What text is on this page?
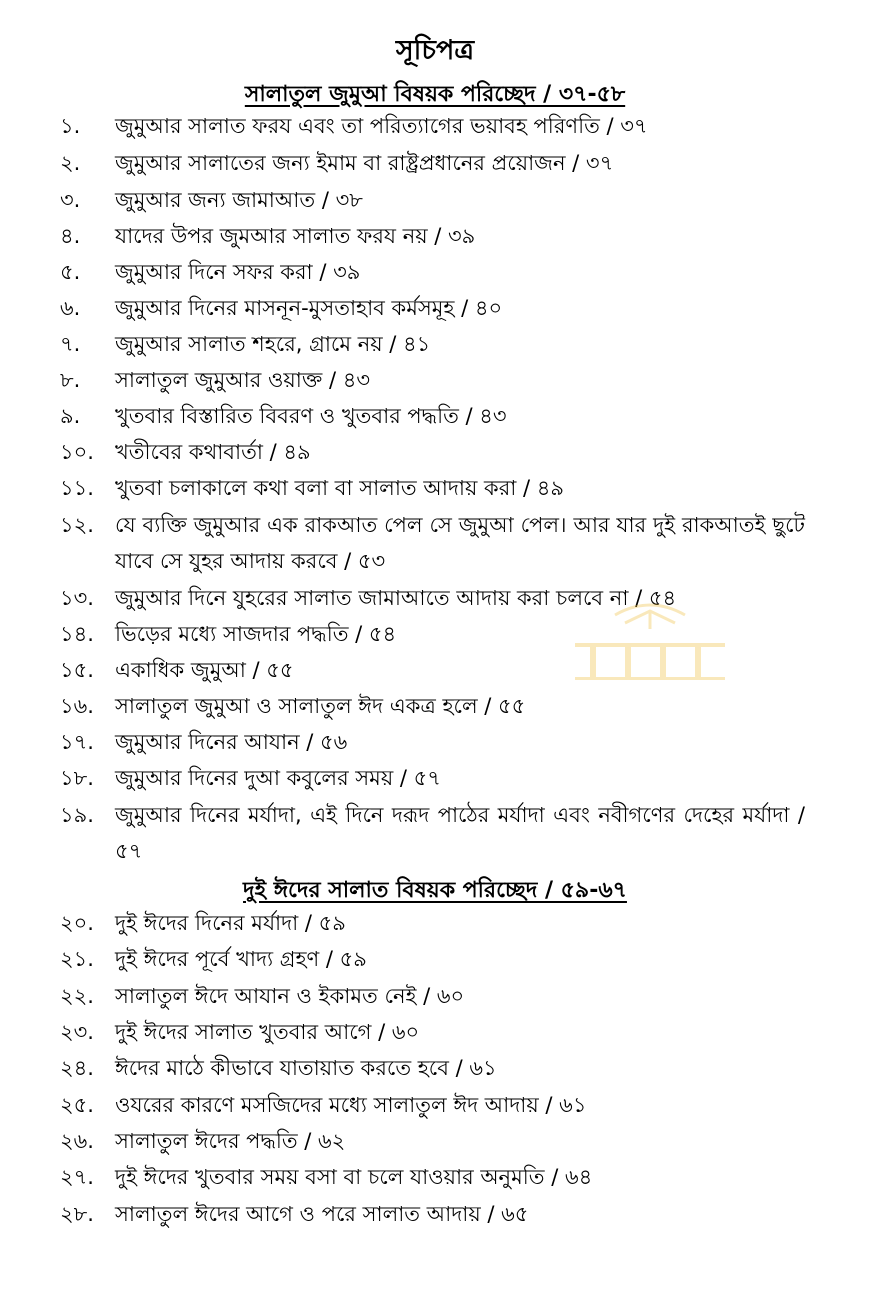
সূচিপত্র
সালাতুল জুমুআ বিষয়ক পরিচ্ছেদ / ৩৭-৫৮
১.	জুমুআর সালাত ফরয এবং তা পরিত্যাগের ভয়াবহ পরিণতি / ৩৭
২.	জুমুআর সালাতের জন্য ইমাম বা রাষ্ট্রপ্রধানের প্রয়োজন / ৩৭
৩.	জুমুআর জন্য জামাআত / ৩৮
৪.	যাদের উপর জুমআর সালাত ফরয নয় / ৩৯
৫.	জুমুআর দিনে সফর করা / ৩৯
৬.	জুমুআর দিনের মাসনূন-মুসতাহাব কর্মসমূহ / ৪০
৭.	জুমুআর সালাত শহরে, গ্রামে নয় / ৪১
৮.	সালাতুল জুমুআর ওয়াক্ত / ৪৩
৯.	খুতবার বিস্তারিত বিবরণ ও খুতবার পদ্ধতি / ৪৩
১০.	খতীবের কথাবার্তা / ৪৯
১১.	খুতবা চলাকালে কথা বলা বা সালাত আদায় করা / ৪৯
১২.	যে ব্যক্তি জুমুআর এক রাকআত পেল সে জুমুআ পেল। আর যার দুই রাকআতই ছুটে যাবে সে যুহর আদায় করবে / ৫৩
১৩.	জুমুআর দিনে যুহরের সালাত জামাআতে আদায় করা চলবে না / ৫৪
১৪.	ভিড়ের মধ্যে সাজদার পদ্ধতি / ৫৪
১৫.	একাধিক জুমুআ / ৫৫
১৬.	সালাতুল জুমুআ ও সালাতুল ঈদ একত্র হলে / ৫৫
১৭.	জুমুআর দিনের আযান / ৫৬
১৮.	জুমুআর দিনের দুআ কবুলের সময় / ৫৭
১৯.	জুমুআর দিনের মর্যাদা, এই দিনে দরূদ পাঠের মর্যাদা এবং নবীগণের দেহের মর্যাদা / ৫৭
দুই ঈদের সালাত বিষয়ক পরিচ্ছেদ / ৫৯-৬৭
২০.	দুই ঈদের দিনের মর্যাদা / ৫৯
২১.	দুই ঈদের পূর্বে খাদ্য গ্রহণ / ৫৯
২২.	সালাতুল ঈদে আযান ও ইকামত নেই / ৬০
২৩.	দুই ঈদের সালাত খুতবার আগে / ৬০
২৪.	ঈদের মাঠে কীভাবে যাতায়াত করতে হবে / ৬১
২৫.	ওযরের কারণে মসজিদের মধ্যে সালাতুল ঈদ আদায় / ৬১
২৬.	সালাতুল ঈদের পদ্ধতি / ৬২
২৭.	দুই ঈদের খুতবার সময় বসা বা চলে যাওয়ার অনুমতি / ৬৪
২৮.	সালাতুল ঈদের আগে ও পরে সালাত আদায় / ৬৫
